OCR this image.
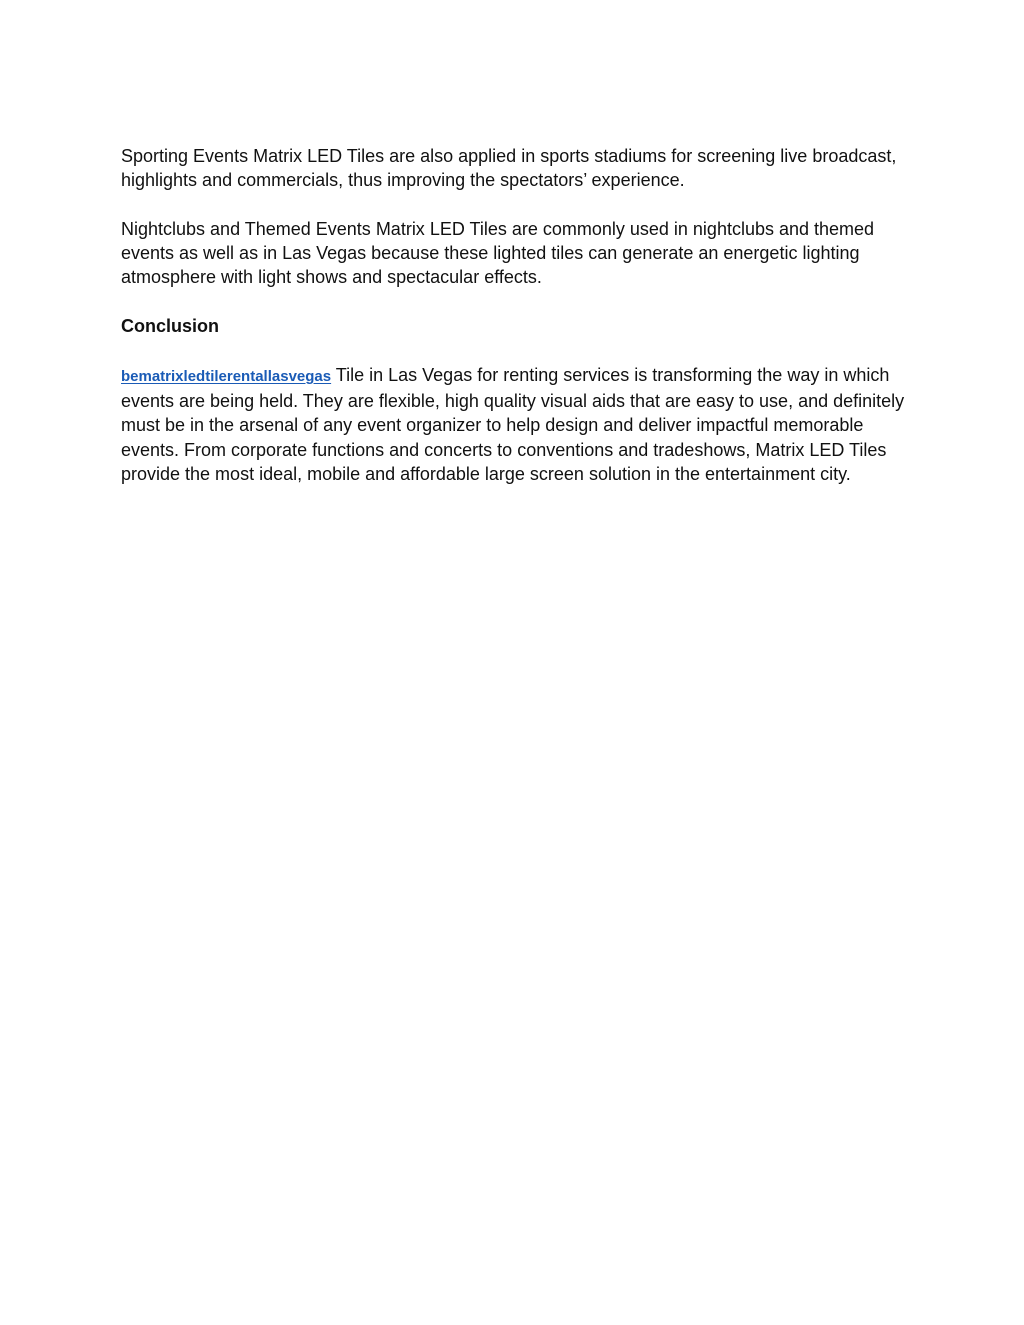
Sporting Events Matrix LED Tiles are also applied in sports stadiums for screening live broadcast, highlights and commercials, thus improving the spectators’ experience.

Nightclubs and Themed Events Matrix LED Tiles are commonly used in nightclubs and themed events as well as in Las Vegas because these lighted tiles can generate an energetic lighting atmosphere with light shows and spectacular effects.

Conclusion

bematrixledtilerentallasvegas Tile in Las Vegas for renting services is transforming the way in which events are being held. They are flexible, high quality visual aids that are easy to use, and definitely must be in the arsenal of any event organizer to help design and deliver impactful memorable events. From corporate functions and concerts to conventions and tradeshows, Matrix LED Tiles provide the most ideal, mobile and affordable large screen solution in the entertainment city.
